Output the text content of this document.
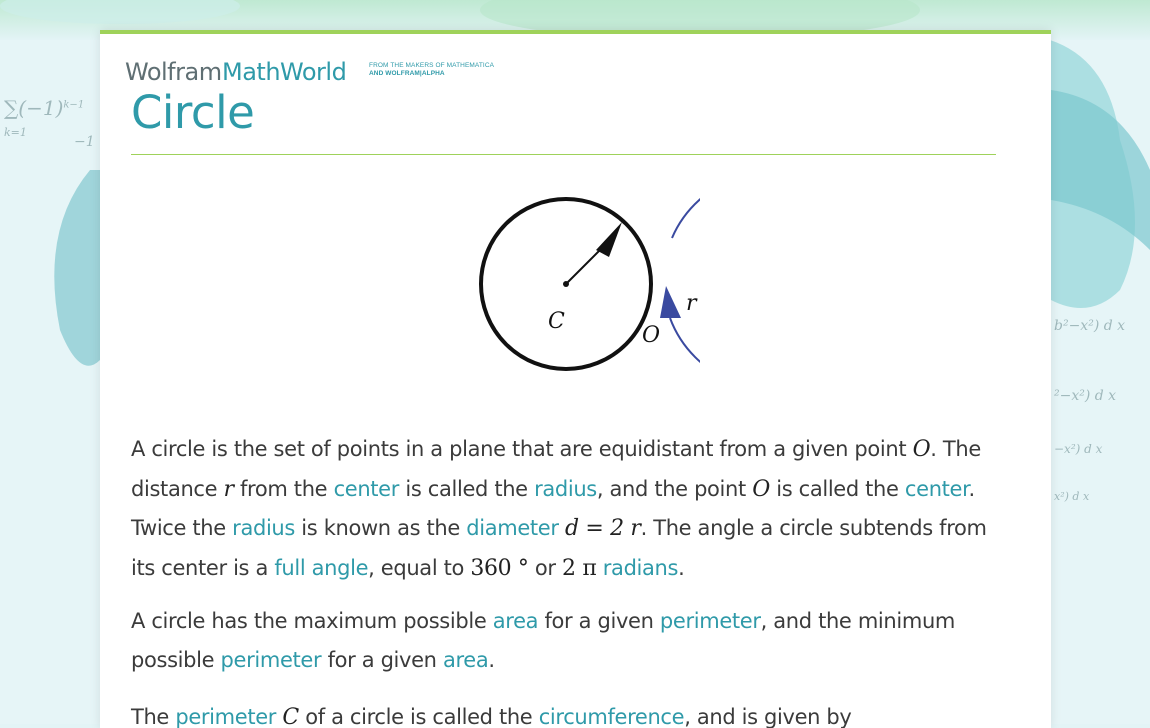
$\sum(-1)^{k-1}$
k=1
−1
b²−x²) d x
²−x²) d x
−x²) d x
x²) d x
Wolfram MathWorld	FROM THE MAKERS OF MATHEMATICA
AND WOLFRAM|ALPHA
Circle
C
O
r

A circle is the set of points in a plane that are equidistant from a given point O. The distance r from the center is called the radius, and the point O is called the center. Twice the radius is known as the diameter d = 2 r. The angle a circle subtends from its center is a full angle, equal to 360 ° or 2 π radians.

A circle has the maximum possible area for a given perimeter, and the minimum possible perimeter for a given area.

The perimeter C of a circle is called the circumference, and is given by
